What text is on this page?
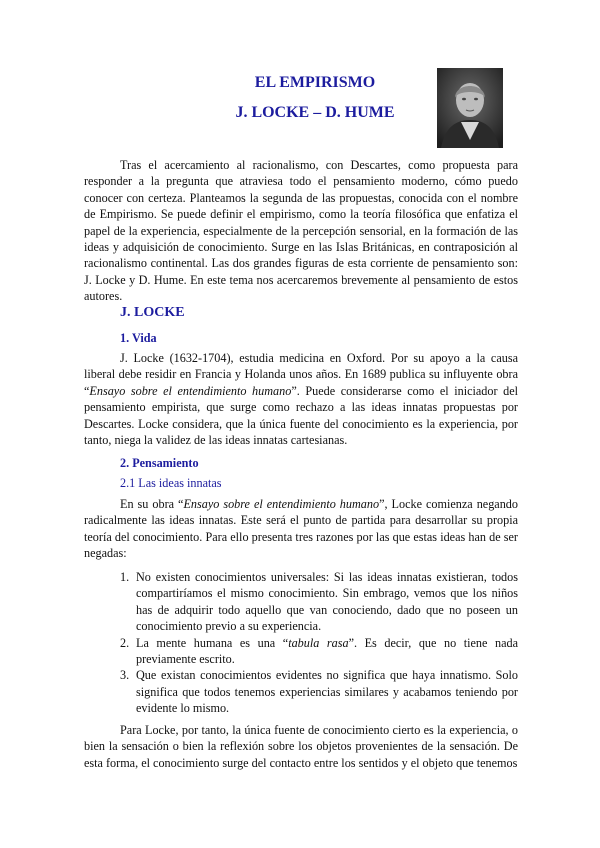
EL EMPIRISMO
J. LOCKE – D. HUME

Tras el acercamiento al racionalismo, con Descartes, como propuesta para responder a la pregunta que atraviesa todo el pensamiento moderno, cómo puedo conocer con certeza. Planteamos la segunda de las propuestas, conocida con el nombre de Empirismo. Se puede definir el empirismo, como la teoría filosófica que enfatiza el papel de la experiencia, especialmente de la percepción sensorial, en la formación de las ideas y adquisición de conocimiento. Surge en las Islas Británicas, en contraposición al racionalismo continental. Las dos grandes figuras de esta corriente de pensamiento son: J. Locke y D. Hume. En este tema nos acercaremos brevemente al pensamiento de estos autores.

J. LOCKE
1. Vida

J. Locke (1632-1704), estudia medicina en Oxford. Por su apoyo a la causa liberal debe residir en Francia y Holanda unos años. En 1689 publica su influyente obra “Ensayo sobre el entendimiento humano”. Puede considerarse como el iniciador del pensamiento empirista, que surge como rechazo a las ideas innatas propuestas por Descartes. Locke considera, que la única fuente del conocimiento es la experiencia, por tanto, niega la validez de las ideas innatas cartesianas.

2. Pensamiento
2.1 Las ideas innatas

En su obra “Ensayo sobre el entendimiento humano”, Locke comienza negando radicalmente las ideas innatas. Este será el punto de partida para desarrollar su propia teoría del conocimiento. Para ello presenta tres razones por las que estas ideas han de ser negadas:

1. No existen conocimientos universales: Si las ideas innatas existieran, todos compartiríamos el mismo conocimiento. Sin embrago, vemos que los niños has de adquirir todo aquello que van conociendo, dado que no poseen un conocimiento previo a su experiencia.
2. La mente humana es una “tabula rasa”. Es decir, que no tiene nada previamente escrito.
3. Que existan conocimientos evidentes no significa que haya innatismo. Solo significa que todos tenemos experiencias similares y acabamos teniendo por evidente lo mismo.

Para Locke, por tanto, la única fuente de conocimiento cierto es la experiencia, o bien la sensación o bien la reflexión sobre los objetos provenientes de la sensación. De esta forma, el conocimiento surge del contacto entre los sentidos y el objeto que tenemos
